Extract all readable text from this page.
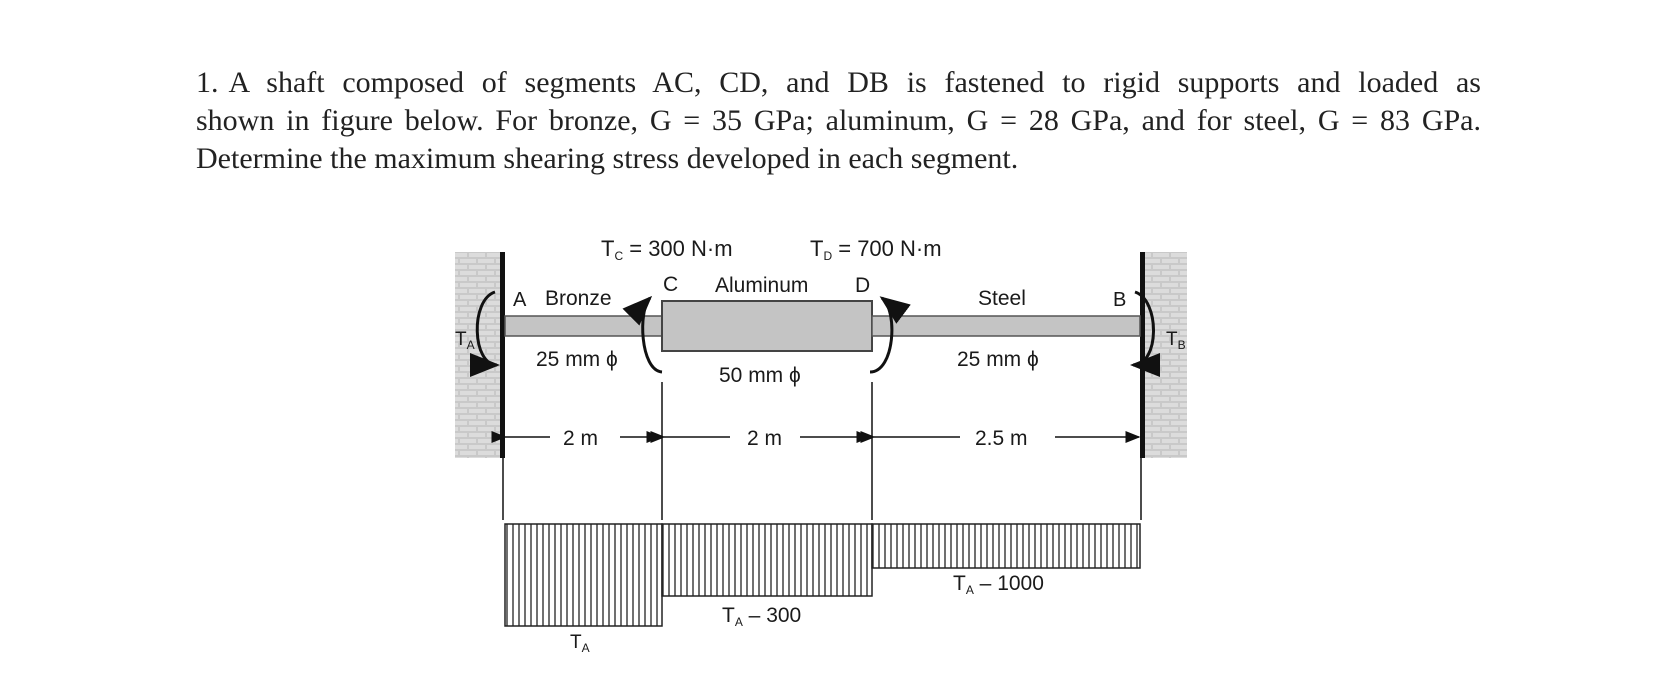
1. A shaft composed of segments AC, CD, and DB is fastened to rigid supports and loaded as
shown in figure below. For bronze, G = 35 GPa; aluminum, G = 28 GPa, and for steel, G = 83 GPa.
Determine the maximum shearing stress developed in each segment.
TC = 300 N·m	TD = 700 N·m
C Aluminum D
A Bronze	Steel	B
$T_A$	$T_B$
25 mm ϕ
50 mm ϕ
25 mm ϕ
2 m	2 m	2.5 m
$T_A$
TA – 300
TA – 1000
